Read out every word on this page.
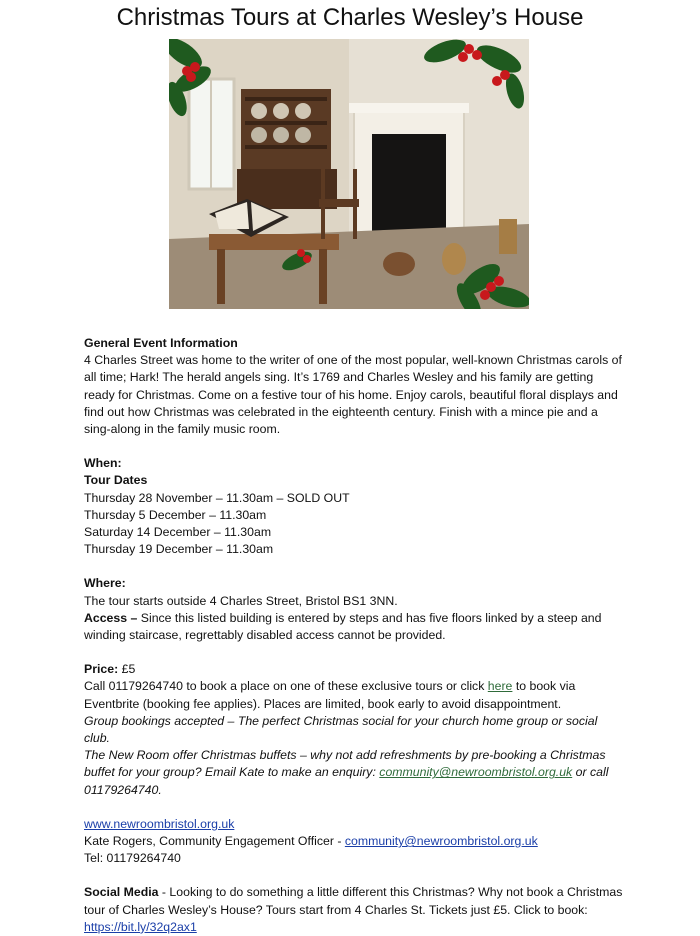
Christmas Tours at Charles Wesley’s House

General Event Information

4 Charles Street was home to the writer of one of the most popular, well-known Christmas carols of all time; Hark! The herald angels sing. It’s 1769 and Charles Wesley and his family are getting ready for Christmas. Come on a festive tour of his home. Enjoy carols, beautiful floral displays and find out how Christmas was celebrated in the eighteenth century. Finish with a mince pie and a sing-along in the family music room.

When:

Tour Dates

Thursday 28 November – 11.30am – SOLD OUT

Thursday 5 December – 11.30am

Saturday 14 December – 11.30am

Thursday 19 December – 11.30am

Where:

The tour starts outside 4 Charles Street, Bristol BS1 3NN.

Access – Since this listed building is entered by steps and has five floors linked by a steep and winding staircase, regrettably disabled access cannot be provided.

Price: £5

Call 01179264740 to book a place on one of these exclusive tours or click here to book via Eventbrite (booking fee applies). Places are limited, book early to avoid disappointment.

Group bookings accepted – The perfect Christmas social for your church home group or social club.

The New Room offer Christmas buffets – why not add refreshments by pre-booking a Christmas buffet for your group? Email Kate to make an enquiry: community@newroombristol.org.uk or call 01179264740.

www.newroombristol.org.uk

Kate Rogers, Community Engagement Officer - community@newroombristol.org.uk

Tel: 01179264740

Social Media - Looking to do something a little different this Christmas? Why not book a Christmas tour of Charles Wesley’s House? Tours start from 4 Charles St. Tickets just £5. Click to book: https://bit.ly/32q2ax1
